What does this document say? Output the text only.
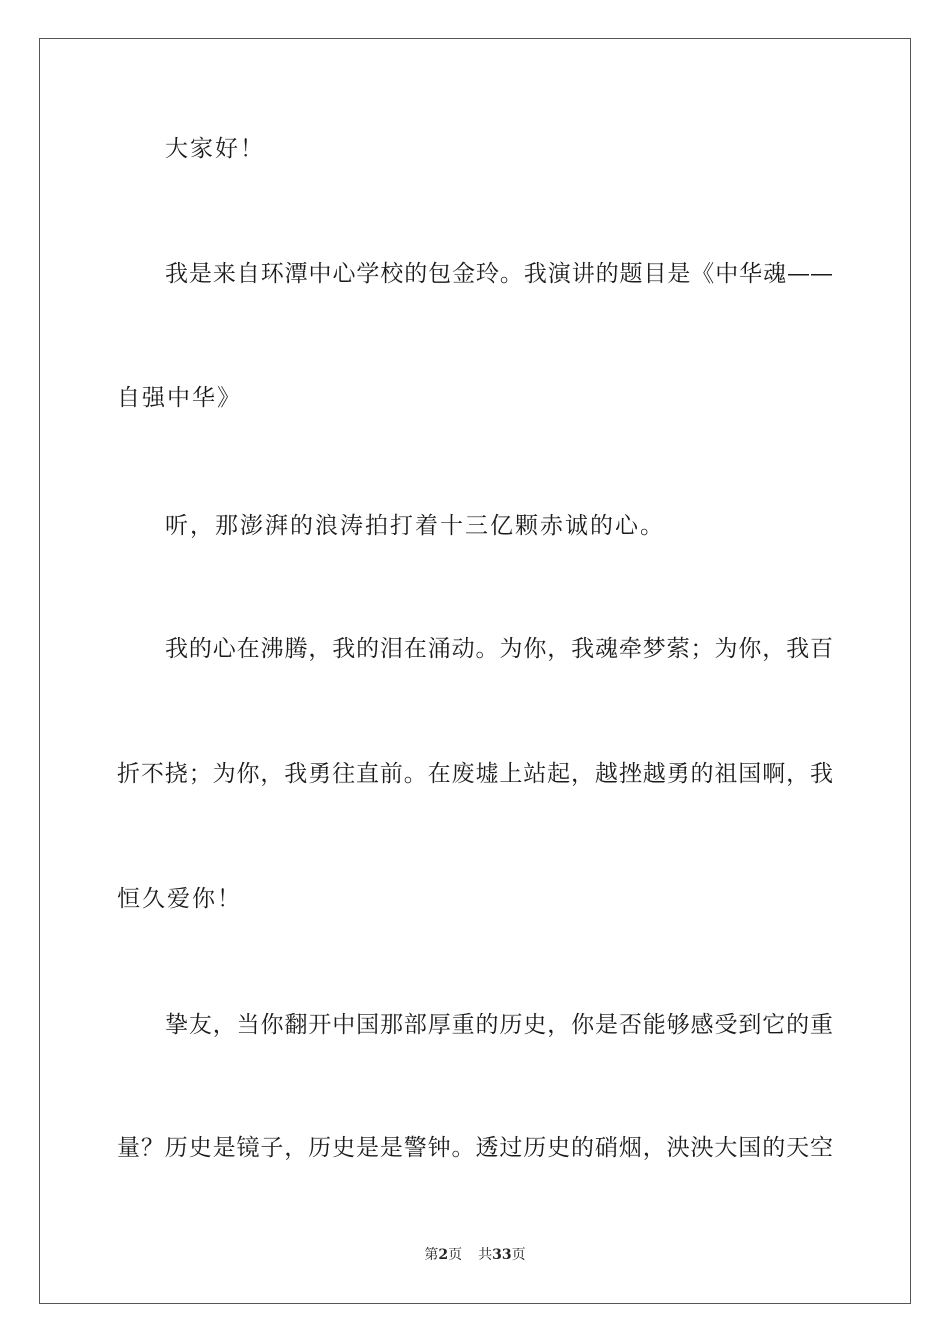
大家好！
我是来自环潭中心学校的包金玲。我演讲的题目是《中华魂——
自强中华》
听，那澎湃的浪涛拍打着十三亿颗赤诚的心。
我的心在沸腾，我的泪在涌动。为你，我魂牵梦萦；为你，我百
折不挠；为你，我勇往直前。在废墟上站起，越挫越勇的祖国啊，我
恒久爱你！
挚友，当你翻开中国那部厚重的历史，你是否能够感受到它的重
量？历史是镜子，历史是是警钟。透过历史的硝烟，泱泱大国的天空
第2页 共33页
